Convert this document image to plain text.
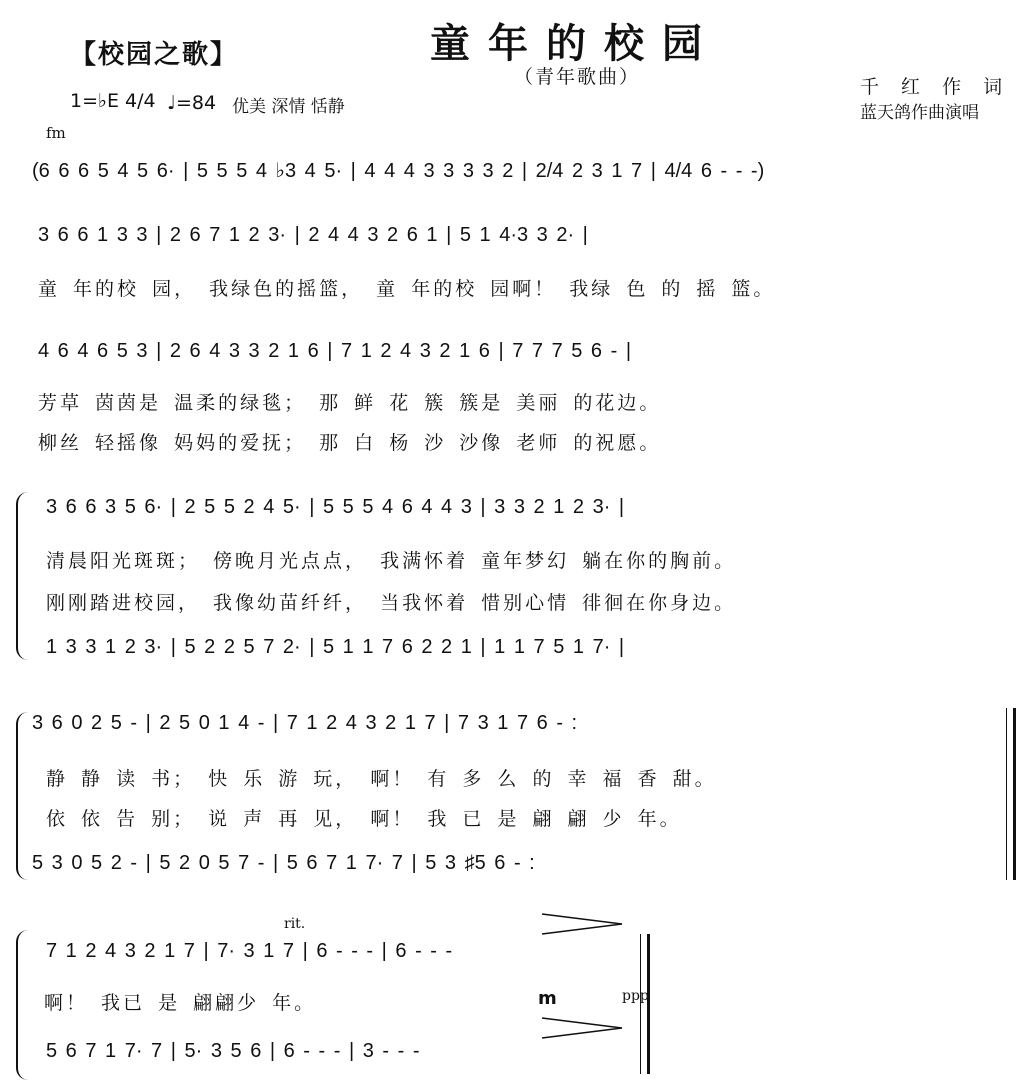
【校园之歌】	童年的校园
（青年歌曲）	千 红 作 词
蓝天鸽作曲演唱
1=♭E 4/4 ♩=84 优美 深情 恬静
fm
(6 6 6 5 4 5 6· | 5 5 5 4 ♭3 4 5· | 4 4 4 3 3 3 3 2 | 2/4 2 3 1 7 | 4/4 6 - - -)
3 6 6 1 3 3 | 2 6 7 1 2 3· | 2 4 4 3 2 6 1 | 5 1 4·3 3 2· |
童 年的校 园， 我绿色的摇篮， 童 年的校 园啊！ 我绿 色 的 摇 篮。
4 6 4 6 5 3 | 2 6 4 3 3 2 1 6 | 7 1 2 4 3 2 1 6 | 7 7 7 5 6 - |
芳草 茵茵是 温柔的绿毯； 那 鲜 花 簇 簇是 美丽 的花边。
柳丝 轻摇像 妈妈的爱抚； 那 白 杨 沙 沙像 老师 的祝愿。
3 6 6 3 5 6· | 2 5 5 2 4 5· | 5 5 5 4 6 4 4 3 | 3 3 2 1 2 3· |
清晨阳光斑斑； 傍晚月光点点， 我满怀着 童年梦幻 躺在你的胸前。
刚刚踏进校园， 我像幼苗纤纤， 当我怀着 惜别心情 徘徊在你身边。
1 3 3 1 2 3· | 5 2 2 5 7 2· | 5 1 1 7 6 2 2 1 | 1 1 7 5 1 7· |
3 6 0 2 5 - | 2 5 0 1 4 - | 7 1 2 4 3 2 1 7 | 7 3 1 7 6 - :
静 静 读 书； 快 乐 游 玩， 啊！ 有 多 么 的 幸 福 香 甜。
依 依 告 别； 说 声 再 见， 啊！ 我 已 是 翩 翩 少 年。
5 3 0 5 2 - | 5 2 0 5 7 - | 5 6 7 1 7· 7 | 5 3 ♯5 6 - :
rit.
7 1 2 4 3 2 1 7 | 7· 3 1 7 | 6 - - - | 6 - - -
啊！ 我已 是 翩翩少 年。	m	ppp
5 6 7 1 7· 7 | 5· 3 5 6 | 6 - - - | 3 - - -
